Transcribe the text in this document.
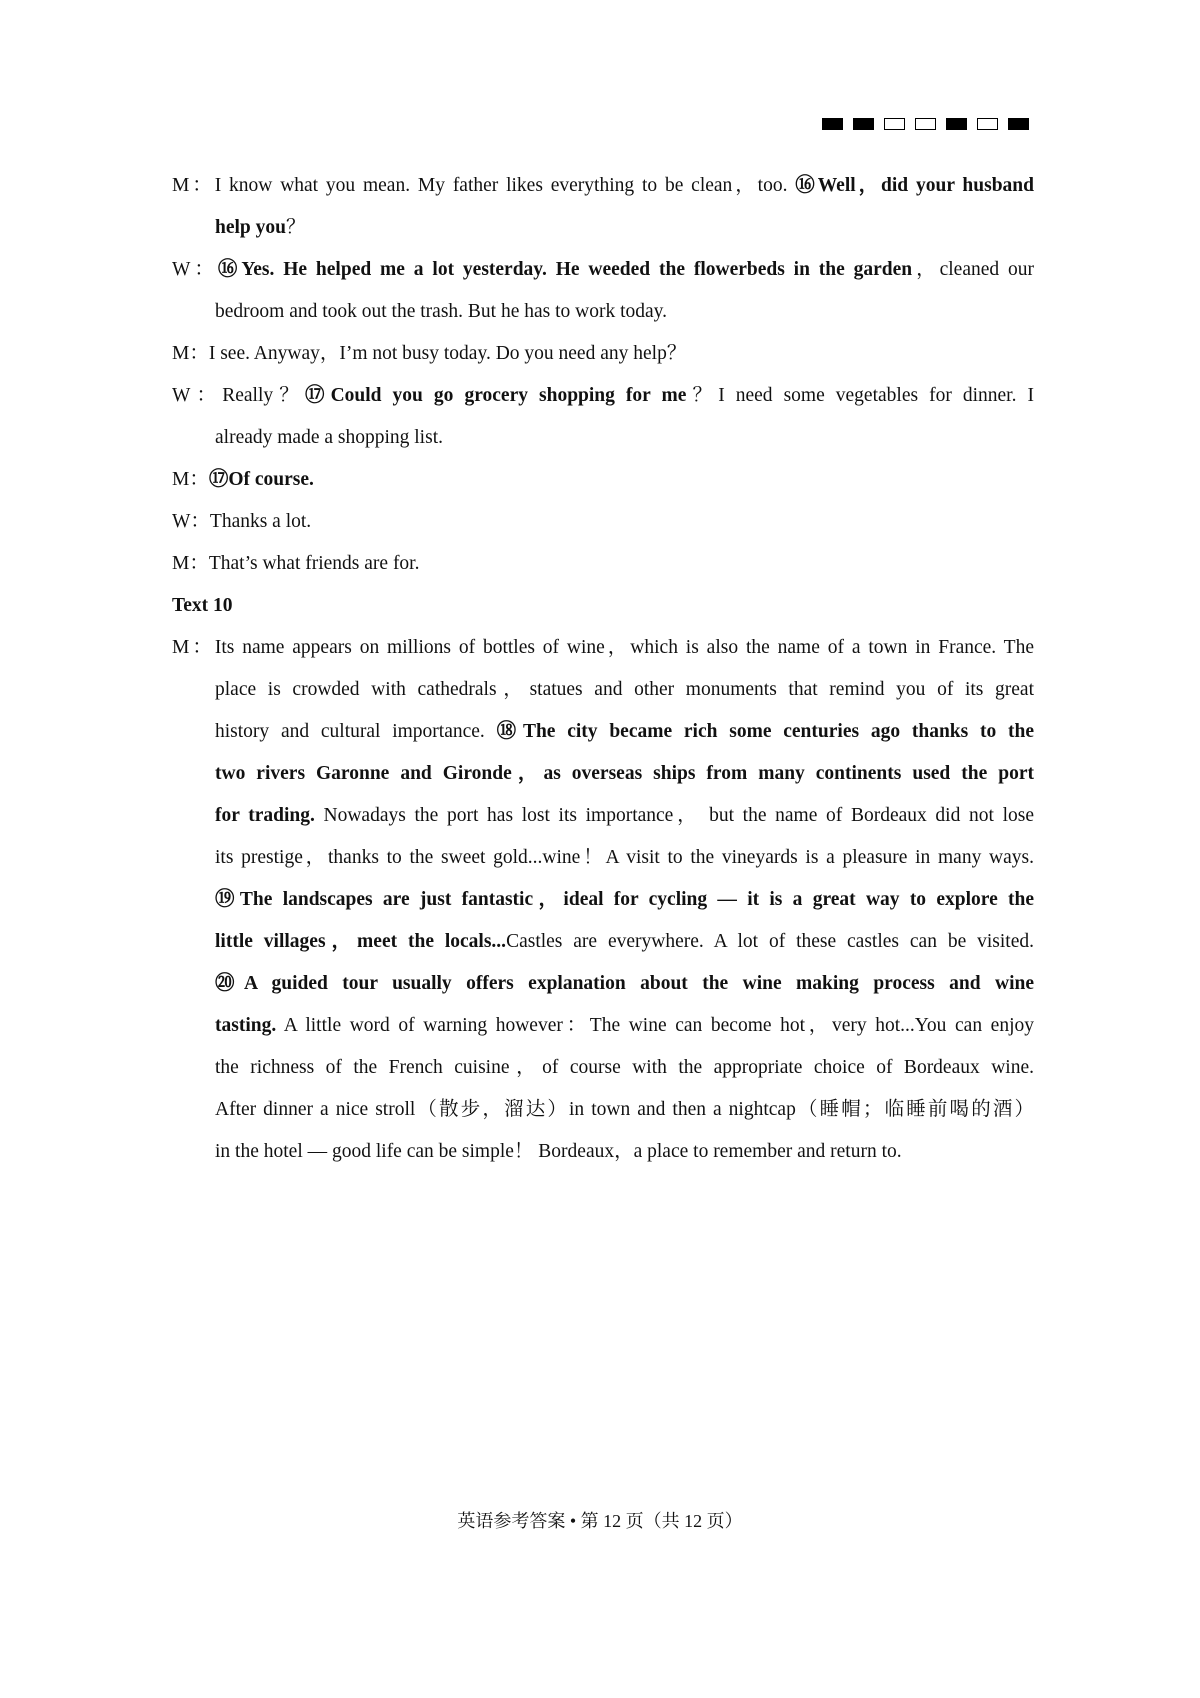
M：I know what you mean. My father likes everything to be clean，too. ⑯Well，did your husband
help you？
W：⑯Yes. He helped me a lot yesterday. He weeded the flowerbeds in the garden，cleaned our
bedroom and took out the trash. But he has to work today.
M：I see. Anyway，I’m not busy today. Do you need any help？
W：Really？⑰Could you go grocery shopping for me？I need some vegetables for dinner. I
already made a shopping list.
M：⑰Of course.
W：Thanks a lot.
M：That’s what friends are for.
Text 10
M：Its name appears on millions of bottles of wine，which is also the name of a town in France. The
place is crowded with cathedrals，statues and other monuments that remind you of its great
history and cultural importance. ⑱The city became rich some centuries ago thanks to the
two rivers Garonne and Gironde，as overseas ships from many continents used the port
for trading. Nowadays the port has lost its importance， but the name of Bordeaux did not lose
its prestige，thanks to the sweet gold...wine！A visit to the vineyards is a pleasure in many ways.
⑲The landscapes are just fantastic，ideal for cycling — it is a great way to explore the
little villages，meet the locals...Castles are everywhere. A lot of these castles can be visited.
⑳A guided tour usually offers explanation about the wine making process and wine
tasting. A little word of warning however：The wine can become hot，very hot...You can enjoy
the richness of the French cuisine，of course with the appropriate choice of Bordeaux wine.
After dinner a nice stroll（散步，溜达）in town and then a nightcap（睡帽；临睡前喝的酒）
in the hotel — good life can be simple！ Bordeaux，a place to remember and return to.
英语参考答案 • 第 12 页（共 12 页）
